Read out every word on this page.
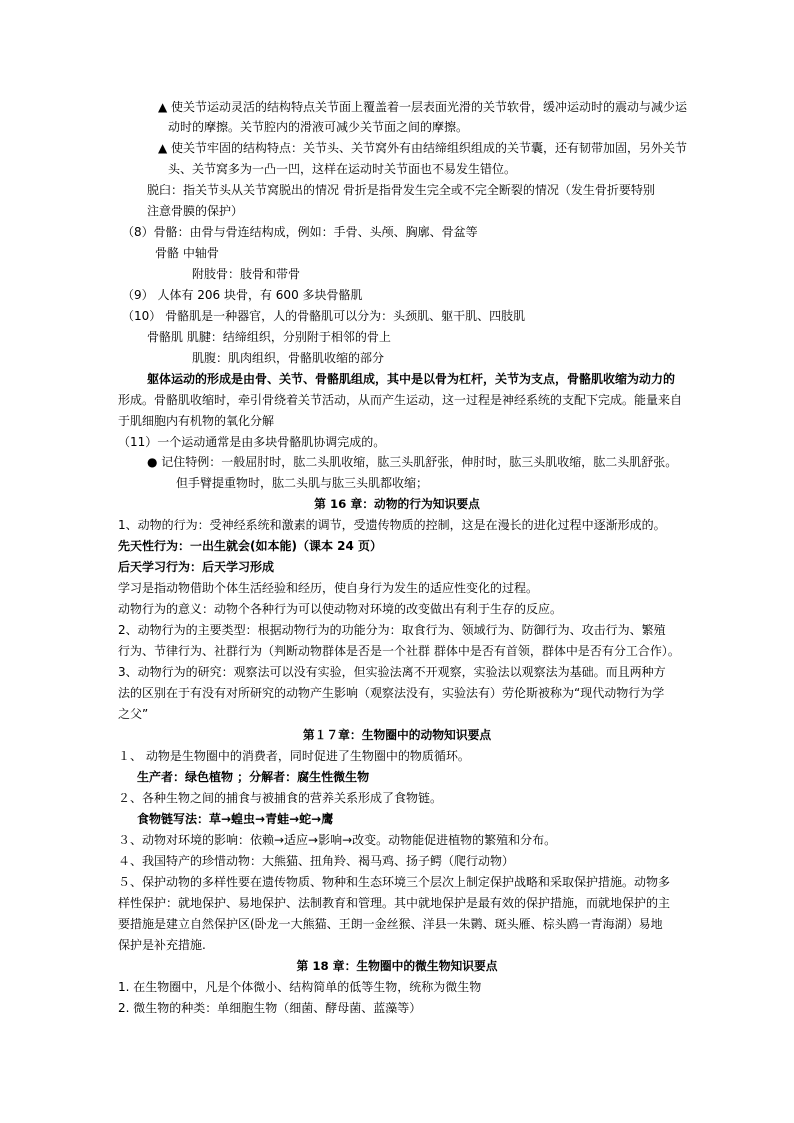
▲ 使关节运动灵活的结构特点关节面上覆盖着一层表面光滑的关节软骨，缓冲运动时的震动与减少运
动时的摩擦。关节腔内的滑液可减少关节面之间的摩擦。
▲ 使关节牢固的结构特点：关节头、关节窝外有由结缔组织组成的关节囊，还有韧带加固，另外关节
头、关节窝多为一凸一凹，这样在运动时关节面也不易发生错位。
脱臼：指关节头从关节窝脱出的情况 骨折是指骨发生完全或不完全断裂的情况（发生骨折要特别
注意骨膜的保护）
（8）骨骼：由骨与骨连结构成，例如：手骨、头颅、胸廓、骨盆等
骨骼 中轴骨
附肢骨：肢骨和带骨
（9） 人体有 206 块骨，有 600 多块骨骼肌
（10） 骨骼肌是一种器官，人的骨骼肌可以分为：头颈肌、躯干肌、四肢肌
骨骼肌 肌腱：结缔组织，分别附于相邻的骨上
肌腹：肌肉组织，骨骼肌收缩的部分
躯体运动的形成是由骨、关节、骨骼肌组成，其中是以骨为杠杆，关节为支点，骨骼肌收缩为动力的
形成。骨骼肌收缩时，牵引骨绕着关节活动，从而产生运动，这一过程是神经系统的支配下完成。能量来自
于肌细胞内有机物的氧化分解
（11）一个运动通常是由多块骨骼肌协调完成的。
● 记住特例：一般屈肘时，肱二头肌收缩，肱三头肌舒张，伸肘时，肱三头肌收缩，肱二头肌舒张。
但手臂提重物时，肱二头肌与肱三头肌都收缩；
第 16 章：动物的行为知识要点
1、动物的行为：受神经系统和激素的调节，受遗传物质的控制，这是在漫长的进化过程中逐渐形成的。
先天性行为：一出生就会(如本能)（课本 24 页）
后天学习行为：后天学习形成
学习是指动物借助个体生活经验和经历，使自身行为发生的适应性变化的过程。
动物行为的意义：动物个各种行为可以使动物对环境的改变做出有利于生存的反应。
2、动物行为的主要类型：根据动物行为的功能分为：取食行为、领域行为、防御行为、攻击行为、繁殖
行为、节律行为、社群行为（判断动物群体是否是一个社群 群体中是否有首领，群体中是否有分工合作）。
3、动物行为的研究：观察法可以没有实验，但实验法离不开观察，实验法以观察法为基础。而且两种方
法的区别在于有没有对所研究的动物产生影响（观察法没有，实验法有）劳伦斯被称为“现代动物行为学
之父”
第１７章：生物圈中的动物知识要点
１、 动物是生物圈中的消费者，同时促进了生物圈中的物质循环。
生产者：绿色植物 ；分解者：腐生性微生物
２、各种生物之间的捕食与被捕食的营养关系形成了食物链。
食物链写法：草→蝗虫→青蛙→蛇→鹰
３、动物对环境的影响：依赖→适应→影响→改变。动物能促进植物的繁殖和分布。
４、我国特产的珍惜动物：大熊猫、扭角羚、褐马鸡、扬子鳄（爬行动物）
５、保护动物的多样性要在遗传物质、物种和生态环境三个层次上制定保护战略和采取保护措施。动物多
样性保护：就地保护、易地保护、法制教育和管理。其中就地保护是最有效的保护措施，而就地保护的主
要措施是建立自然保护区(卧龙一大熊猫、王朗一金丝猴、洋县一朱鹮、斑头雁、棕头鸥一青海湖）易地
保护是补充措施.
第 18 章：生物圈中的微生物知识要点
1. 在生物圈中，凡是个体微小、结构简单的低等生物，统称为微生物
2. 微生物的种类：单细胞生物（细菌、酵母菌、蓝藻等）
